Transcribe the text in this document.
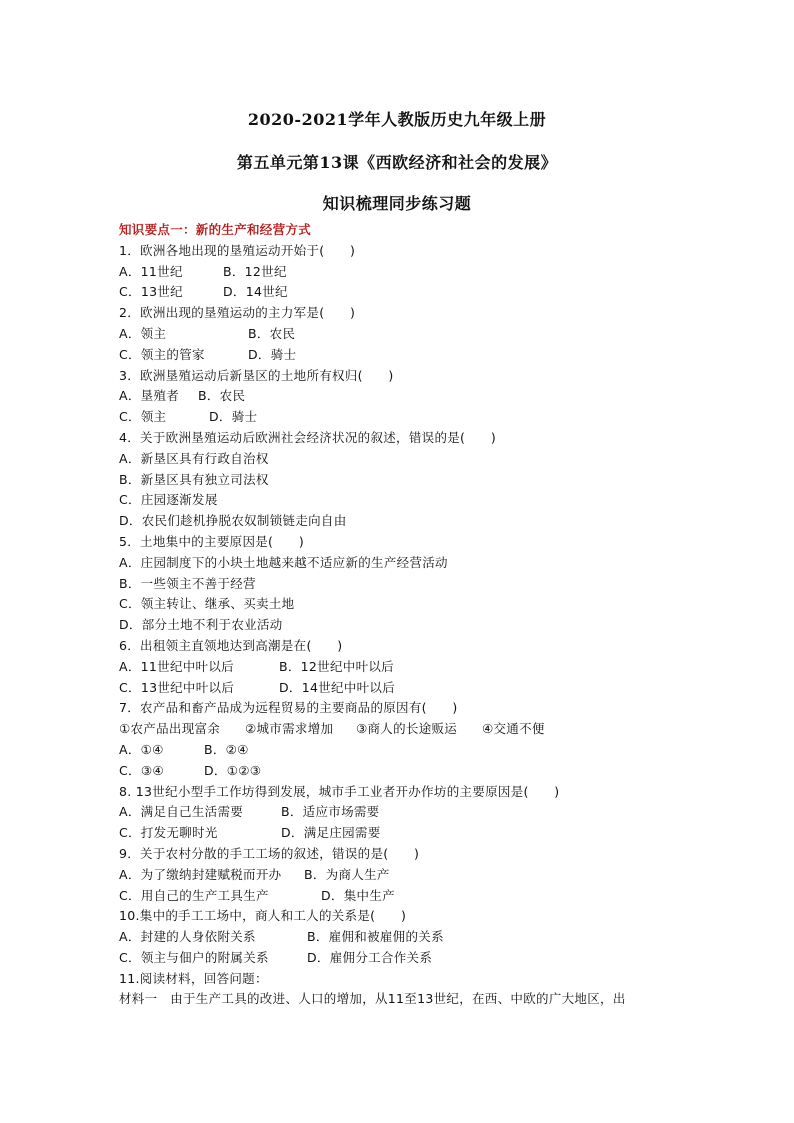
2020-2021学年人教版历史九年级上册
第五单元第13课《西欧经济和社会的发展》
知识梳理同步练习题
知识要点一：新的生产和经营方式
1．欧洲各地出现的垦殖运动开始于(　　)
A．11世纪	B．12世纪
C．13世纪	D．14世纪
2．欧洲出现的垦殖运动的主力军是(　　)
A．领主	B．农民
C．领主的管家	D．骑士
3．欧洲垦殖运动后新垦区的土地所有权归(　　)
A．垦殖者 B．农民
C．领主	D．骑士
4．关于欧洲垦殖运动后欧洲社会经济状况的叙述，错误的是(　　)
A．新垦区具有行政自治权
B．新垦区具有独立司法权
C．庄园逐渐发展
D．农民们趁机挣脱农奴制锁链走向自由
5．土地集中的主要原因是(　　)
A．庄园制度下的小块土地越来越不适应新的生产经营活动
B．一些领主不善于经营
C．领主转让、继承、买卖土地
D．部分土地不利于农业活动
6．出租领主直领地达到高潮是在(　　)
A．11世纪中叶以后	B．12世纪中叶以后
C．13世纪中叶以后	D．14世纪中叶以后
7．农产品和畜产品成为远程贸易的主要商品的原因有(　　)
①农产品出现富余 ②城市需求增加 ③商人的长途贩运 ④交通不便
A．①④	B．②④
C．③④	D．①②③
8. 13世纪小型手工作坊得到发展，城市手工业者开办作坊的主要原因是(　　)
A．满足自己生活需要	B．适应市场需要
C．打发无聊时光	D．满足庄园需要
9．关于农村分散的手工工场的叙述，错误的是(　　)
A．为了缴纳封建赋税而开办 B．为商人生产
C．用自己的生产工具生产	D．集中生产
10.集中的手工工场中，商人和工人的关系是(　　)
A．封建的人身依附关系	B．雇佣和被雇佣的关系
C．领主与佃户的附属关系	D．雇佣分工合作关系
11.阅读材料，回答问题：
材料一　由于生产工具的改进、人口的增加，从11至13世纪，在西、中欧的广大地区，出
